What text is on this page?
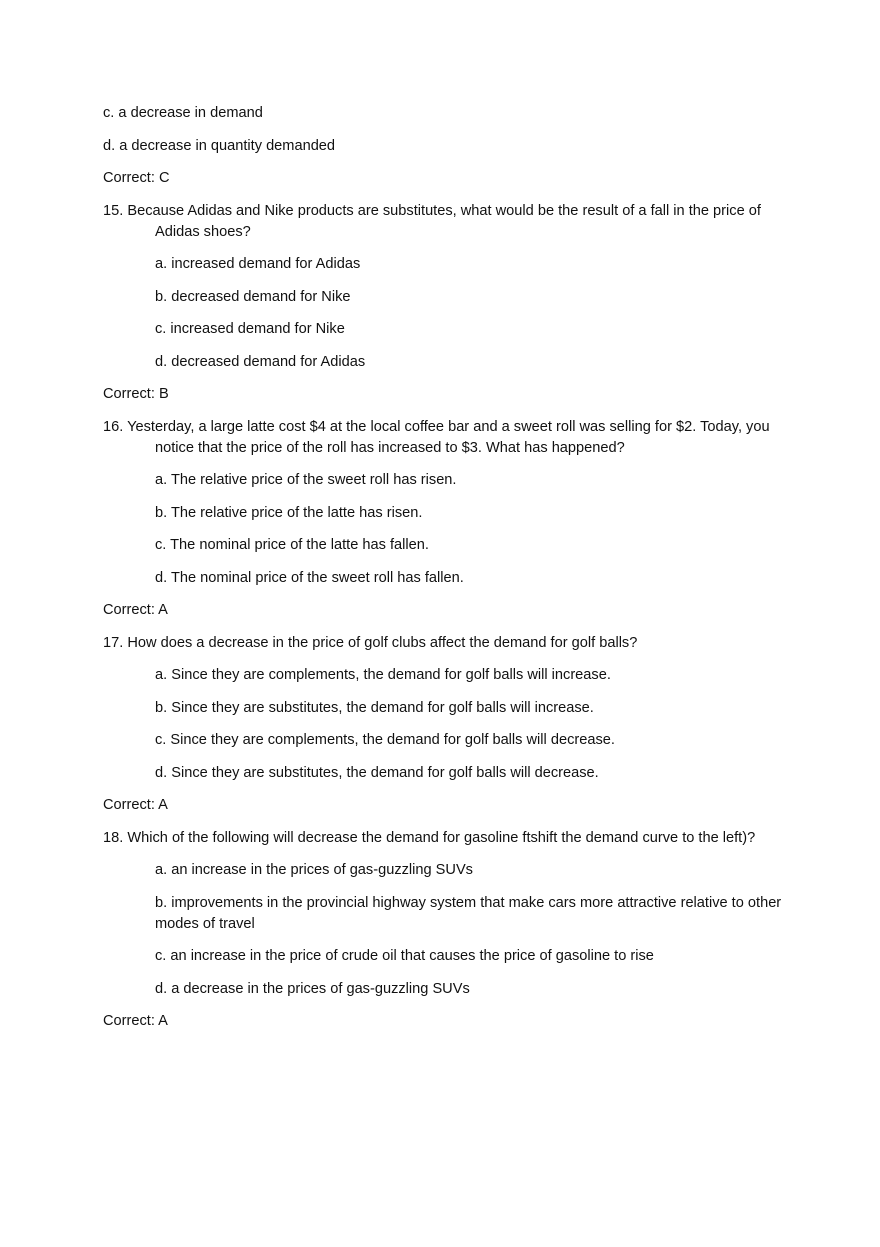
c. a decrease in demand

d. a decrease in quantity demanded

Correct: C

15. Because Adidas and Nike products are substitutes, what would be the result of a fall in the price of Adidas shoes?

a. increased demand for Adidas

b. decreased demand for Nike

c. increased demand for Nike

d. decreased demand for Adidas

Correct: B

16. Yesterday, a large latte cost $4 at the local coffee bar and a sweet roll was selling for $2. Today, you notice that the price of the roll has increased to $3. What has happened?

a. The relative price of the sweet roll has risen.

b. The relative price of the latte has risen.

c. The nominal price of the latte has fallen.

d. The nominal price of the sweet roll has fallen.

Correct: A

17. How does a decrease in the price of golf clubs affect the demand for golf balls?

a. Since they are complements, the demand for golf balls will increase.

b. Since they are substitutes, the demand for golf balls will increase.

c. Since they are complements, the demand for golf balls will decrease.

d. Since they are substitutes, the demand for golf balls will decrease.

Correct: A

18. Which of the following will decrease the demand for gasoline ftshift the demand curve to the left)?

a. an increase in the prices of gas-guzzling SUVs

b. improvements in the provincial highway system that make cars more attractive relative to other modes of travel

c. an increase in the price of crude oil that causes the price of gasoline to rise

d. a decrease in the prices of gas-guzzling SUVs

Correct: A
